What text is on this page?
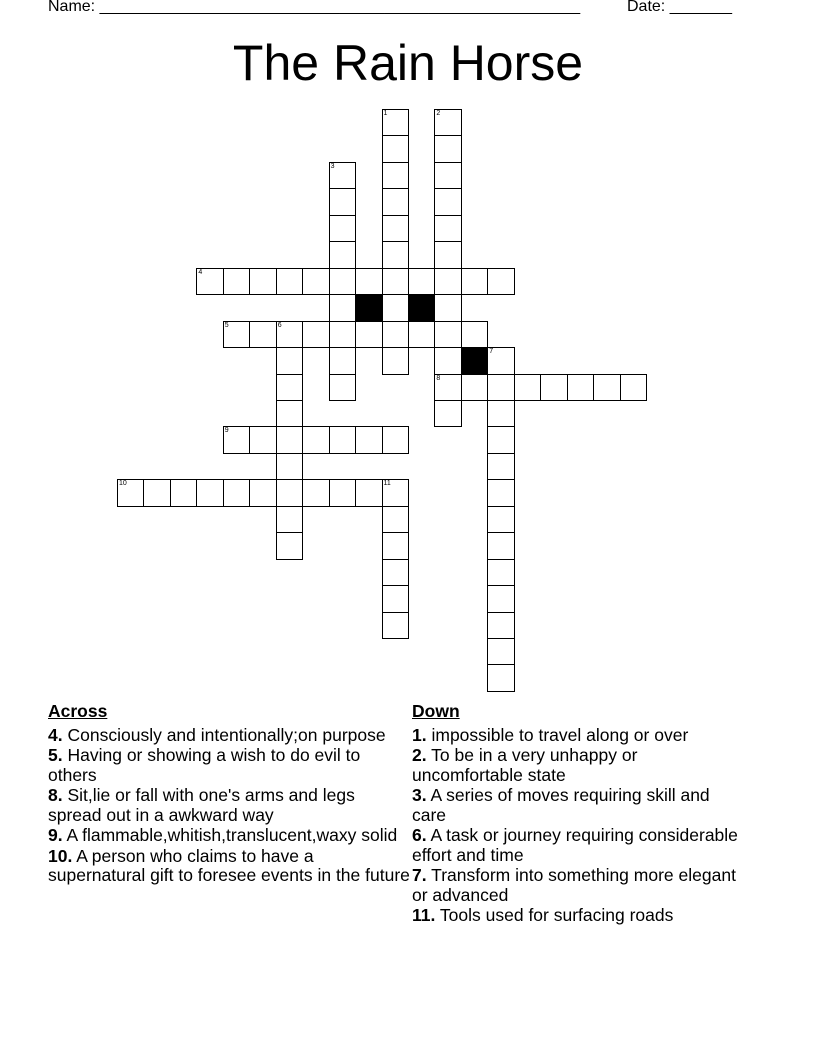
Name: ______________________________________________________	Date: _______
The Rain Horse
1	2
8
3
4
5	6
7
9
10	11
Across
4. Consciously and intentionally;on purpose
5. Having or showing a wish to do evil to others
8. Sit,lie or fall with one's arms and legs spread out in a awkward way
9. A flammable,whitish,translucent,waxy solid
10. A person who claims to have a supernatural gift to foresee events in the future
Down
1. impossible to travel along or over
2. To be in a very unhappy or uncomfortable state
3. A series of moves requiring skill and care
6. A task or journey requiring considerable effort and time
7. Transform into something more elegant or advanced
11. Tools used for surfacing roads
